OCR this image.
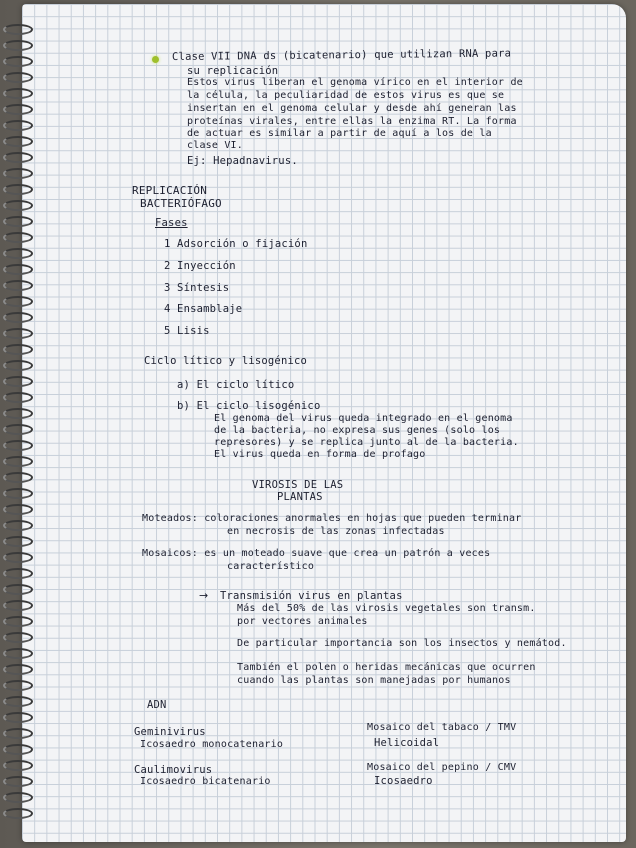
Clase VII DNA ds (bicatenario) que utilizan RNA para
su replicación
Estos virus liberan el genoma vírico en el interior de
la célula, la peculiaridad de estos virus es que se
insertan en el genoma celular y desde ahí generan las
proteínas virales, entre ellas la enzima RT. La forma
de actuar es similar a partir de aquí a los de la
clase VI.
Ej: Hepadnavirus.
REPLICACIÓN
BACTERIÓFAGO
Fases
1 Adsorción o fijación
2 Inyección
3 Síntesis
4 Ensamblaje
5 Lisis
Ciclo lítico y lisogénico
a) El ciclo lítico
b) El ciclo lisogénico
El genoma del virus queda integrado en el genoma
de la bacteria, no expresa sus genes (solo los
represores) y se replica junto al de la bacteria.
El virus queda en forma de profago
VIROSIS DE LAS
PLANTAS
Moteados: coloraciones anormales en hojas que pueden terminar
en necrosis de las zonas infectadas
Mosaicos: es un moteado suave que crea un patrón a veces
característico
→ Transmisión virus en plantas
Más del 50% de las virosis vegetales son transm.
por vectores animales
De particular importancia son los insectos y nemátod.
También el polen o heridas mecánicas que ocurren
cuando las plantas son manejadas por humanos
ADN
Geminivirus
Icosaedro monocatenario
Caulimovirus
Icosaedro bicatenario
Mosaico del tabaco / TMV
Helicoidal
Mosaico del pepino / CMV
Icosaedro
